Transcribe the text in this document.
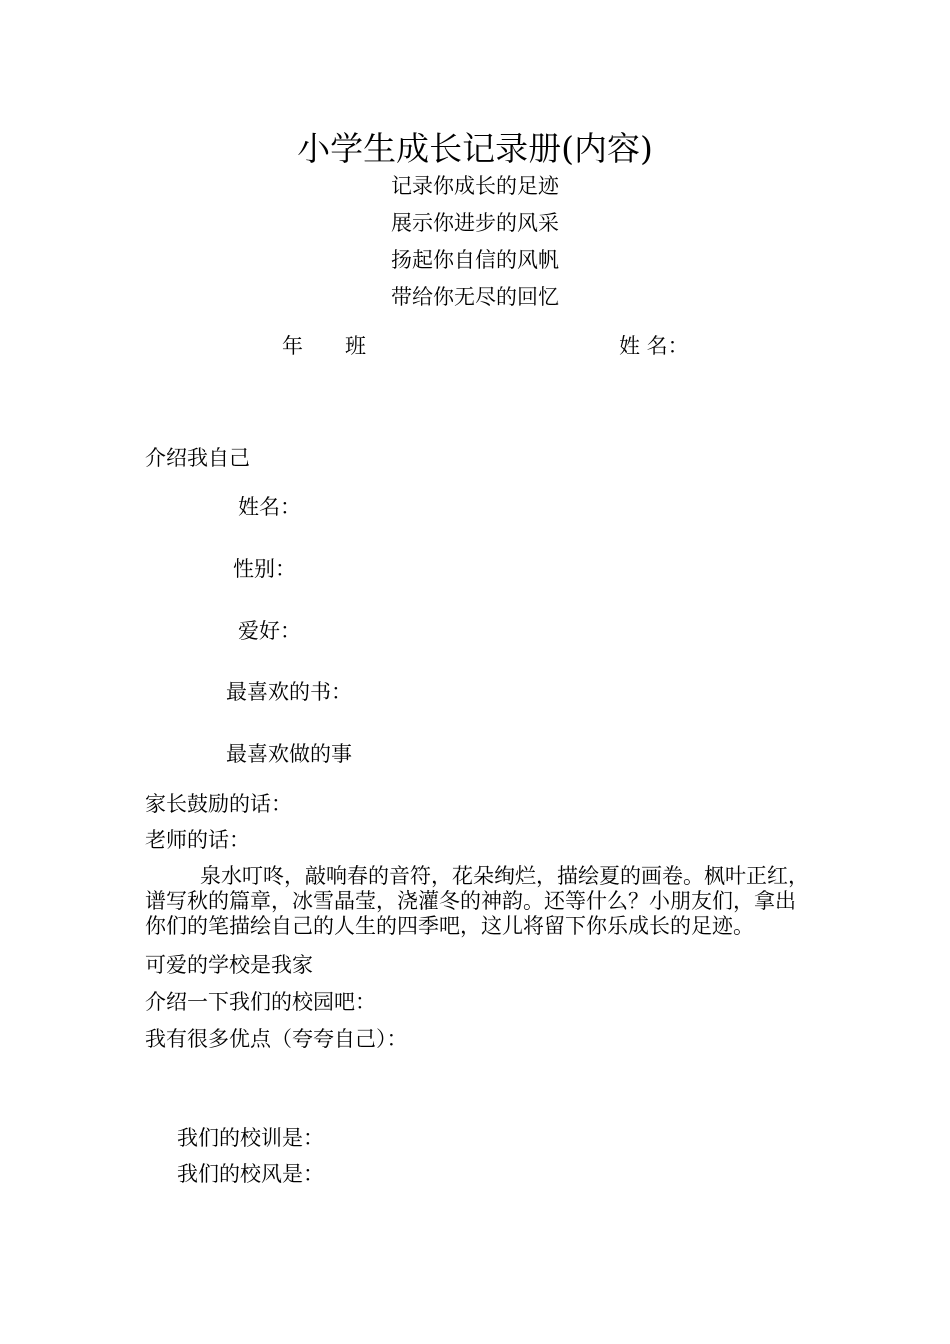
小学生成长记录册(内容)
记录你成长的足迹
展示你进步的风采
扬起你自信的风帆
带给你无尽的回忆
年 班	姓 名：
介绍我自己
姓名：
性别：
爱好：
最喜欢的书：
最喜欢做的事
家长鼓励的话：
老师的话：
泉水叮咚，敲响春的音符，花朵绚烂，描绘夏的画卷。枫叶正红，
谱写秋的篇章，冰雪晶莹，浇灌冬的神韵。还等什么？小朋友们，拿出
你们的笔描绘自己的人生的四季吧，这儿将留下你乐成长的足迹。
可爱的学校是我家
介绍一下我们的校园吧：
我有很多优点（夸夸自己）：
我们的校训是：
我们的校风是：
